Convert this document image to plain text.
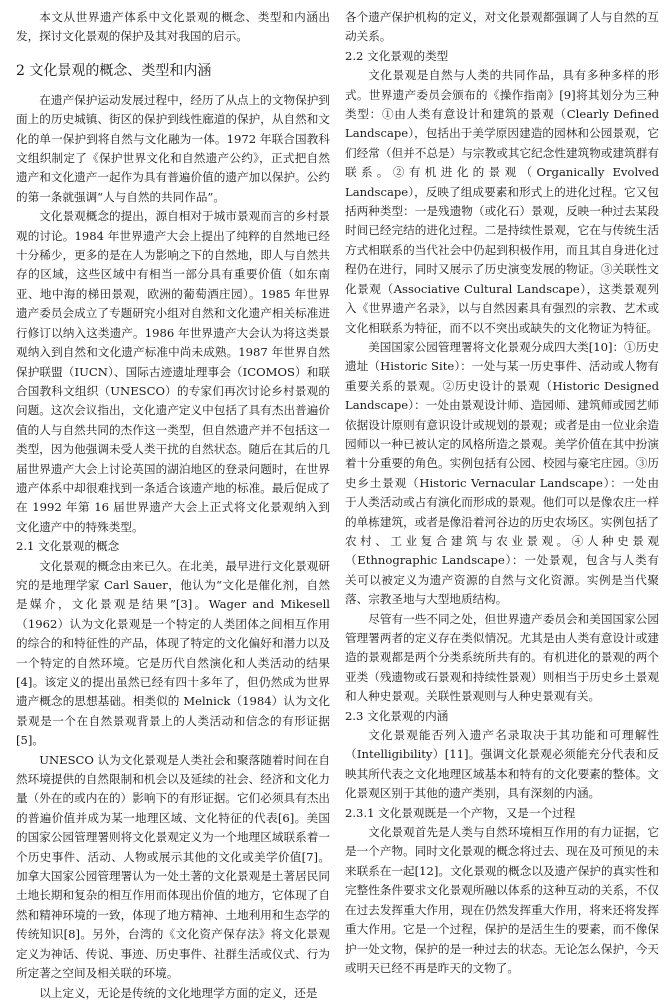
本文从世界遗产体系中文化景观的概念、类型和内涵出发，探讨文化景观的保护及其对我国的启示。

2 文化景观的概念、类型和内涵

在遗产保护运动发展过程中，经历了从点上的文物保护到面上的历史城镇、街区的保护到线性廊道的保护，从自然和文化的单一保护到将自然与文化融为一体。1972 年联合国教科文组织制定了《保护世界文化和自然遗产公约》，正式把自然遗产和文化遗产一起作为具有普遍价值的遗产加以保护。公约的第一条就强调“人与自然的共同作品”。

文化景观概念的提出，源自相对于城市景观而言的乡村景观的讨论。1984 年世界遗产大会上提出了纯粹的自然地已经十分稀少，更多的是在人为影响之下的自然地，即人与自然共存的区域，这些区域中有相当一部分具有重要价值（如东南亚、地中海的梯田景观，欧洲的葡萄酒庄园）。1985 年世界遗产委员会成立了专题研究小组对自然和文化遗产相关标准进行修订以纳入这类遗产。1986 年世界遗产大会认为将这类景观纳入到自然和文化遗产标准中尚未成熟。1987 年世界自然保护联盟（IUCN）、国际古迹遗址理事会（ICOMOS）和联合国教科文组织（UNESCO）的专家们再次讨论乡村景观的问题。这次会议指出，文化遗产定义中包括了具有杰出普遍价值的人与自然共同的杰作这一类型，但自然遗产并不包括这一类型，因为他强调未受人类干扰的自然状态。随后在其后的几届世界遗产大会上讨论英国的湖泊地区的登录问题时，在世界遗产体系中却很难找到一条适合该遗产地的标准。最后促成了在 1992 年第 16 届世界遗产大会上正式将文化景观纳入到文化遗产中的特殊类型。

2.1 文化景观的概念

文化景观的概念由来已久。在北美，最早进行文化景观研究的是地理学家 Carl Sauer，他认为“文化是催化剂，自然是媒介，文化景观是结果”[3]。Wager and Mikesell（1962）认为文化景观是一个特定的人类团体之间相互作用的综合的和特征性的产品，体现了特定的文化偏好和潜力以及一个特定的自然环境。它是历代自然演化和人类活动的结果[4]。该定义的提出虽然已经有四十多年了，但仍然成为世界遗产概念的思想基础。相类似的 Melnick（1984）认为文化景观是一个在自然景观背景上的人类活动和信念的有形证据[5]。

UNESCO 认为文化景观是人类社会和聚落随着时间在自然环境提供的自然限制和机会以及延续的社会、经济和文化力量（外在的或内在的）影响下的有形证据。它们必须具有杰出的普遍价值并成为某一地理区域、文化特征的代表[6]。美国的国家公园管理署则将文化景观定义为一个地理区域联系着一个历史事件、活动、人物或展示其他的文化或美学价值[7]。加拿大国家公园管理署认为一处土著的文化景观是土著居民同土地长期和复杂的相互作用而体现出价值的地方，它体现了自然和精神环境的一致，体现了地方精神、土地利用和生态学的传统知识[8]。另外，台湾的《文化资产保存法》将文化景观定义为神话、传说、事迹、历史事件、社群生活或仪式、行为所定著之空间及相关联的环境。

以上定义，无论是传统的文化地理学方面的定义，还是

各个遗产保护机构的定义，对文化景观都强调了人与自然的互动关系。

2.2 文化景观的类型

文化景观是自然与人类的共同作品，具有多种多样的形式。世界遗产委员会颁布的《操作指南》[9]将其划分为三种类型：①由人类有意设计和建筑的景观（Clearly Defined Landscape），包括出于美学原因建造的园林和公园景观，它们经常（但并不总是）与宗教或其它纪念性建筑物或建筑群有联系。②有机进化的景观（Organically Evolved Landscape），反映了组成要素和形式上的进化过程。它又包括两种类型：一是残遗物（或化石）景观，反映一种过去某段时间已经完结的进化过程。二是持续性景观，它在与传统生活方式相联系的当代社会中仍起到积极作用，而且其自身进化过程仍在进行，同时又展示了历史演变发展的物证。③关联性文化景观（Associative Cultural Landscape），这类景观列入《世界遗产名录》，以与自然因素具有强烈的宗教、艺术或文化相联系为特征，而不以不突出或缺失的文化物证为特征。

美国国家公园管理署将文化景观分成四大类[10]：①历史遗址（Historic Site）：一处与某一历史事件、活动或人物有重要关系的景观。②历史设计的景观（Historic Designed Landscape）：一处由景观设计师、造园师、建筑师或园艺师依据设计原则有意识设计或规划的景观；或者是由一位业余造园师以一种已被认定的风格所造之景观。美学价值在其中扮演着十分重要的角色。实例包括有公园、校园与豪宅庄园。③历史乡土景观（Historic Vernacular Landscape）：一处由于人类活动或占有演化而形成的景观。他们可以是像农庄一样的单栋建筑，或者是像沿着河谷边的历史农场区。实例包括了农村、工业复合建筑与农业景观。④人种史景观（Ethnographic Landscape）：一处景观，包含与人类有关可以被定义为遗产资源的自然与文化资源。实例是当代聚落、宗教圣地与大型地质结构。

尽管有一些不同之处，但世界遗产委员会和美国国家公园管理署两者的定义存在类似情况。尤其是由人类有意设计或建造的景观都是两个分类系统所共有的。有机进化的景观的两个亚类（残遗物或石景观和持续性景观）则相当于历史乡土景观和人种史景观。关联性景观则与人种史景观有关。

2.3 文化景观的内涵

文化景观能否列入遗产名录取决于其功能和可理解性（Intelligibility）[11]。强调文化景观必须能充分代表和反映其所代表之文化地理区域基本和特有的文化要素的整体。文化景观区别于其他的遗产类别，具有深刻的内涵。

2.3.1 文化景观既是一个产物，又是一个过程

文化景观首先是人类与自然环境相互作用的有力证据，它是一个产物。同时文化景观的概念将过去、现在及可预见的未来联系在一起[12]。文化景观的概念以及遗产保护的真实性和完整性条件要求文化景观所融以体系的这种互动的关系，不仅在过去发挥重大作用，现在仍然发挥重大作用，将来还将发挥重大作用。它是一个过程，保护的是活生生的要素，而不像保护一处文物，保护的是一种过去的状态。无论怎么保护，今天或明天已经不再是昨天的文物了。
